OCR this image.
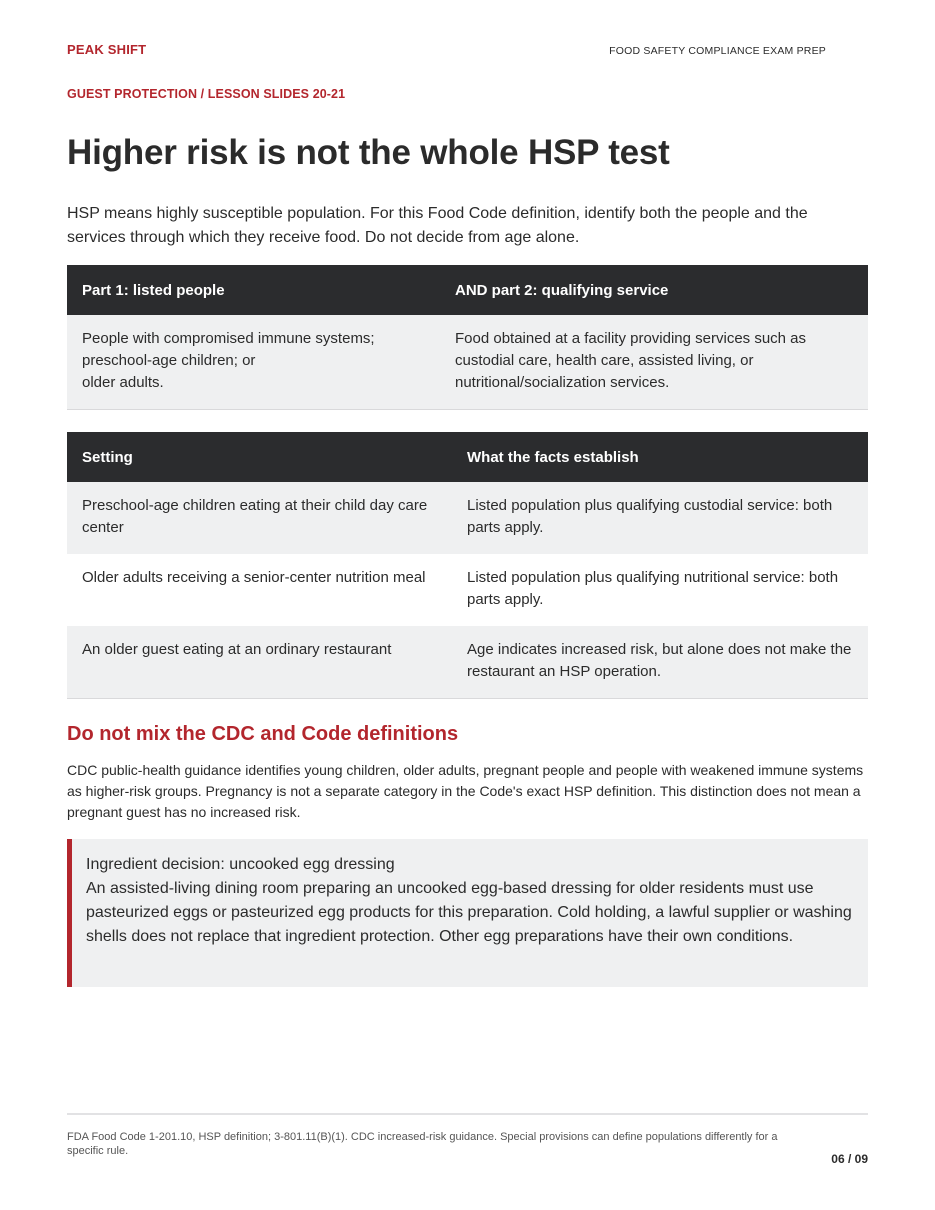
PEAK SHIFT	FOOD SAFETY COMPLIANCE EXAM PREP
GUEST PROTECTION / LESSON SLIDES 20-21
Higher risk is not the whole HSP test

HSP means highly susceptible population. For this Food Code definition, identify both the people and the services through which they receive food. Do not decide from age alone.

Part 1: listed people	AND part 2: qualifying service
People with compromised immune systems;
preschool-age children; or
older adults.	Food obtained at a facility providing services such as custodial care, health care, assisted living, or nutritional/socialization services.
Setting	What the facts establish
Preschool-age children eating at their child day care center	Listed population plus qualifying custodial service: both parts apply.
Older adults receiving a senior-center nutrition meal	Listed population plus qualifying nutritional service: both parts apply.
An older guest eating at an ordinary restaurant	Age indicates increased risk, but alone does not make the restaurant an HSP operation.
Do not mix the CDC and Code definitions

CDC public-health guidance identifies young children, older adults, pregnant people and people with weakened immune systems as higher-risk groups. Pregnancy is not a separate category in the Code's exact HSP definition. This distinction does not mean a pregnant guest has no increased risk.

Ingredient decision: uncooked egg dressing
An assisted-living dining room preparing an uncooked egg-based dressing for older residents must use pasteurized eggs or pasteurized egg products for this preparation. Cold holding, a lawful supplier or washing shells does not replace that ingredient protection. Other egg preparations have their own conditions.

FDA Food Code 1-201.10, HSP definition; 3-801.11(B)(1). CDC increased-risk guidance. Special provisions can define populations differently for a specific rule.

06 / 09
